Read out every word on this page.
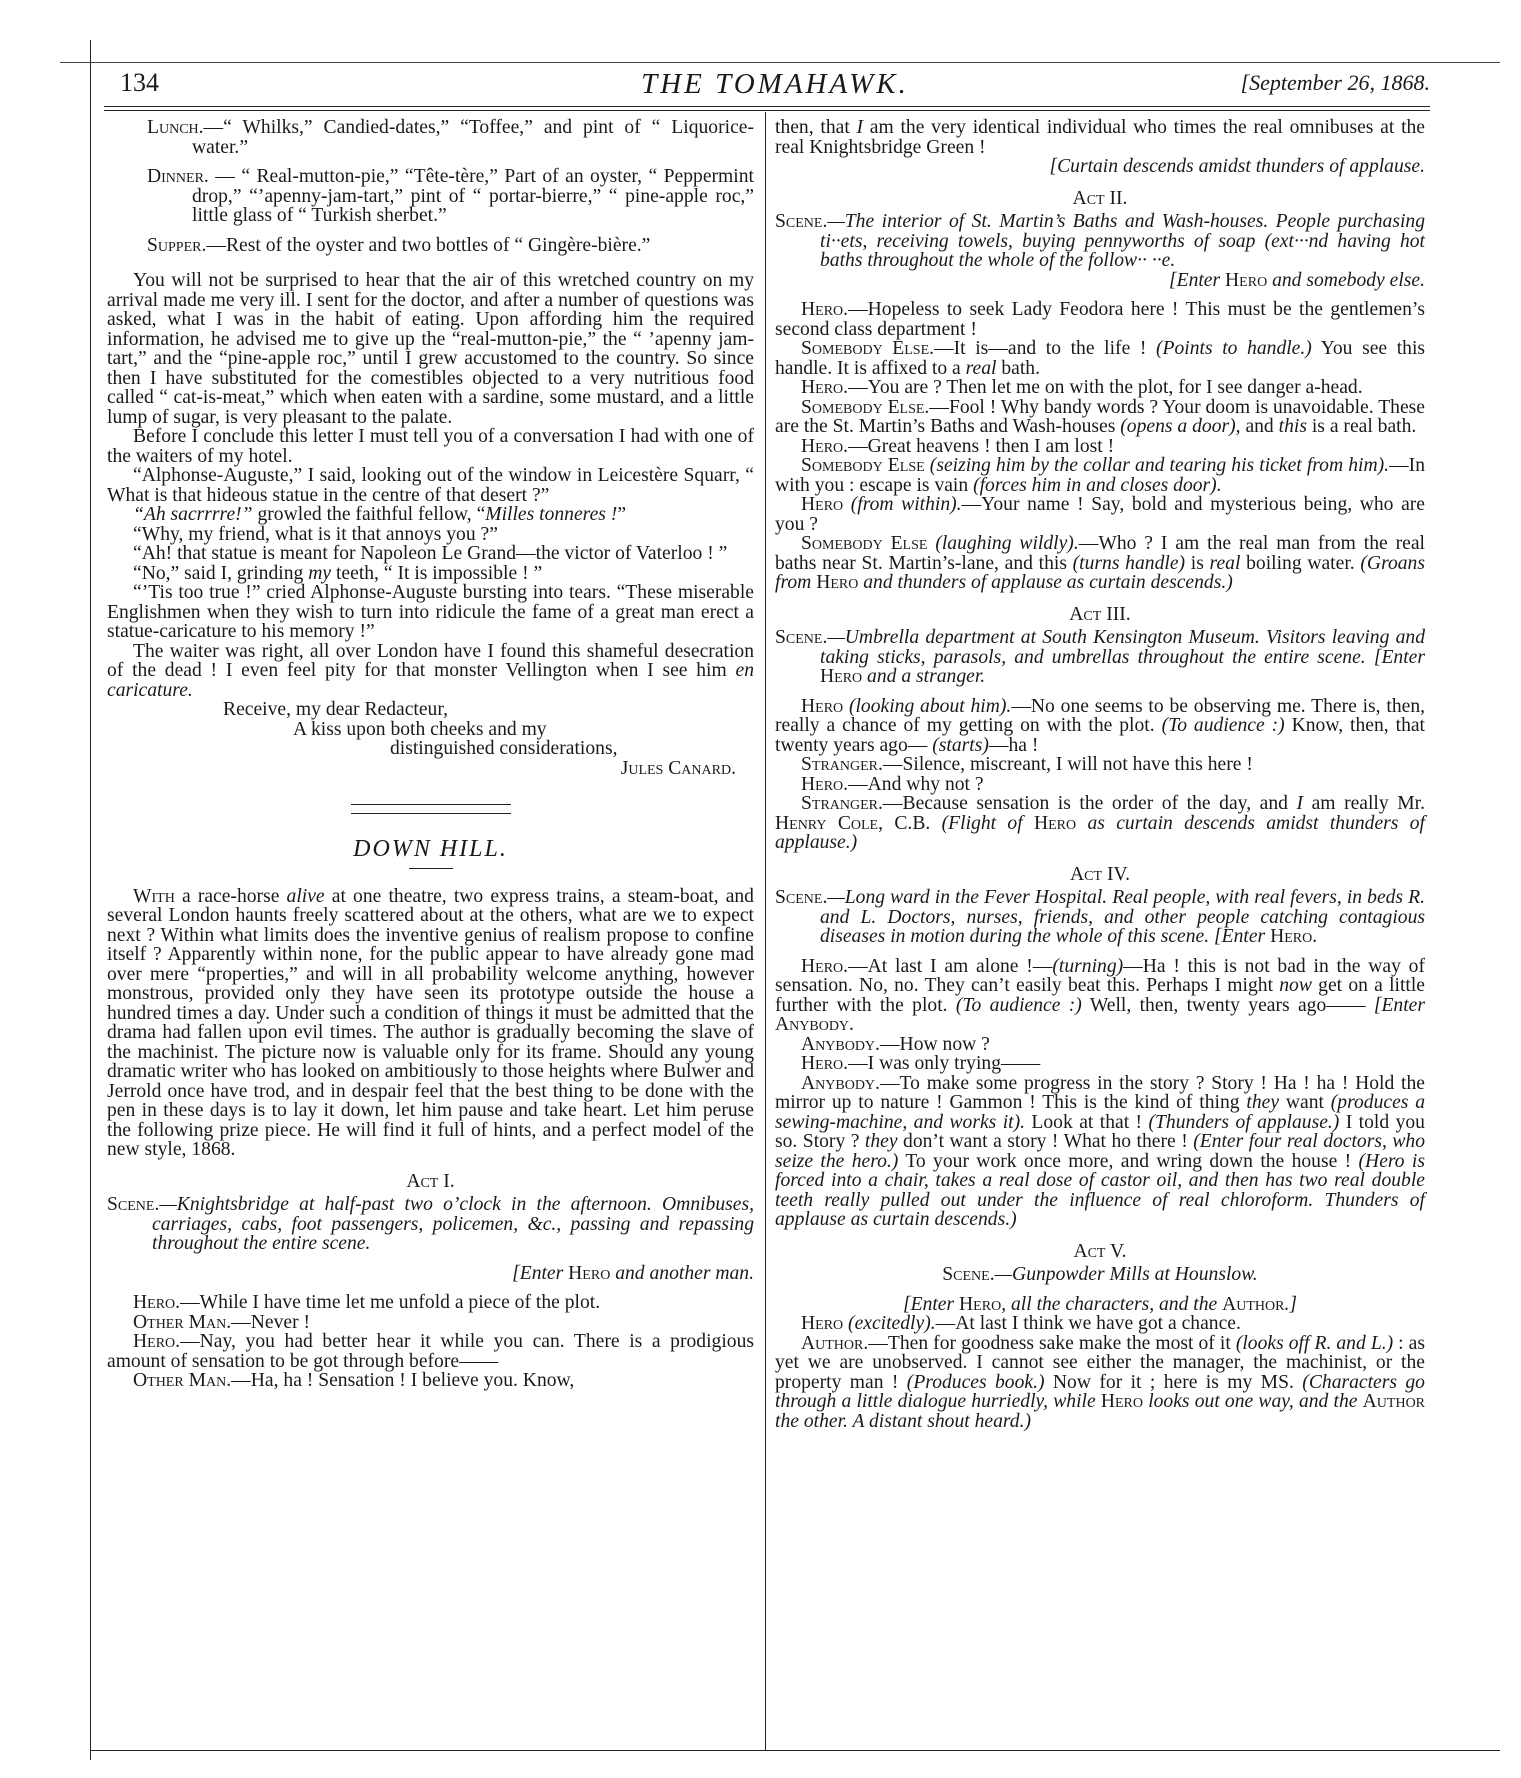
134	THE TOMAHAWK.	[September 26, 1868.

Lunch.—“ Whilks,” Candied-dates,” “Toffee,” and pint of “ Liquorice-water.”

Dinner. — “ Real-mutton-pie,” “Tête-tère,” Part of an oyster, “ Peppermint drop,” “’apenny-jam-tart,” pint of “ portar-bierre,” “ pine-apple roc,” little glass of “ Turkish sherbet.”

Supper.—Rest of the oyster and two bottles of “ Gingère-bière.”

You will not be surprised to hear that the air of this wretched country on my arrival made me very ill. I sent for the doctor, and after a number of questions was asked, what I was in the habit of eating. Upon affording him the required information, he advised me to give up the “real-mutton-pie,” the “ ’apenny jam-tart,” and the “pine-apple roc,” until I grew accustomed to the country. So since then I have substituted for the comestibles objected to a very nutritious food called “ cat-is-meat,” which when eaten with a sardine, some mustard, and a little lump of sugar, is very pleasant to the palate.

Before I conclude this letter I must tell you of a conversation I had with one of the waiters of my hotel.

“Alphonse-Auguste,” I said, looking out of the window in Leicestère Squarr, “ What is that hideous statue in the centre of that desert ?”

“Ah sacrrrre!” growled the faithful fellow, “Milles tonneres !”

“Why, my friend, what is it that annoys you ?”

“Ah! that statue is meant for Napoleon Le Grand—the victor of Vaterloo ! ”

“No,” said I, grinding my teeth, “ It is impossible ! ”

“’Tis too true !” cried Alphonse-Auguste bursting into tears. “These miserable Englishmen when they wish to turn into ridicule the fame of a great man erect a statue-caricature to his memory !”

The waiter was right, all over London have I found this shameful desecration of the dead ! I even feel pity for that monster Vellington when I see him en caricature.

Receive, my dear Redacteur,

A kiss upon both cheeks and my

distinguished considerations,

Jules Canard.

DOWN HILL.

With a race-horse alive at one theatre, two express trains, a steam-boat, and several London haunts freely scattered about at the others, what are we to expect next ? Within what limits does the inventive genius of realism propose to confine itself ? Apparently within none, for the public appear to have already gone mad over mere “properties,” and will in all probability welcome anything, however monstrous, provided only they have seen its prototype outside the house a hundred times a day. Under such a condition of things it must be admitted that the drama had fallen upon evil times. The author is gradually becoming the slave of the machinist. The picture now is valuable only for its frame. Should any young dramatic writer who has looked on ambitiously to those heights where Bulwer and Jerrold once have trod, and in despair feel that the best thing to be done with the pen in these days is to lay it down, let him pause and take heart. Let him peruse the following prize piece. He will find it full of hints, and a perfect model of the new style, 1868.

Act I.

Scene.—Knightsbridge at half-past two o’clock in the afternoon. Omnibuses, carriages, cabs, foot passengers, policemen, &c., passing and repassing throughout the entire scene.

[Enter Hero and another man.

Hero.—While I have time let me unfold a piece of the plot.

Other Man.—Never !

Hero.—Nay, you had better hear it while you can. There is a prodigious amount of sensation to be got through before——

Other Man.—Ha, ha ! Sensation ! I believe you. Know,

then, that I am the very identical individual who times the real omnibuses at the real Knightsbridge Green !

[Curtain descends amidst thunders of applause.

Act II.

Scene.—The interior of St. Martin’s Baths and Wash-houses. People purchasing ti··ets, receiving towels, buying pennyworths of soap (ext···nd having hot baths throughout the whole of the follow·· ··e.

[Enter Hero and somebody else.

Hero.—Hopeless to seek Lady Feodora here ! This must be the gentlemen’s second class department !

Somebody Else.—It is—and to the life ! (Points to handle.) You see this handle. It is affixed to a real bath.

Hero.—You are ? Then let me on with the plot, for I see danger a-head.

Somebody Else.—Fool ! Why bandy words ? Your doom is unavoidable. These are the St. Martin’s Baths and Wash-houses (opens a door), and this is a real bath.

Hero.—Great heavens ! then I am lost !

Somebody Else (seizing him by the collar and tearing his ticket from him).—In with you : escape is vain (forces him in and closes door).

Hero (from within).—Your name ! Say, bold and mysterious being, who are you ?

Somebody Else (laughing wildly).—Who ? I am the real man from the real baths near St. Martin’s-lane, and this (turns handle) is real boiling water. (Groans from Hero and thunders of applause as curtain descends.)

Act III.

Scene.—Umbrella department at South Kensington Museum. Visitors leaving and taking sticks, parasols, and umbrellas throughout the entire scene. [Enter Hero and a stranger.

Hero (looking about him).—No one seems to be observing me. There is, then, really a chance of my getting on with the plot. (To audience :) Know, then, that twenty years ago— (starts)—ha !

Stranger.—Silence, miscreant, I will not have this here !

Hero.—And why not ?

Stranger.—Because sensation is the order of the day, and I am really Mr. Henry Cole, C.B. (Flight of Hero as curtain descends amidst thunders of applause.)

Act IV.

Scene.—Long ward in the Fever Hospital. Real people, with real fevers, in beds R. and L. Doctors, nurses, friends, and other people catching contagious diseases in motion during the whole of this scene. [Enter Hero.

Hero.—At last I am alone !—(turning)—Ha ! this is not bad in the way of sensation. No, no. They can’t easily beat this. Perhaps I might now get on a little further with the plot. (To audience :) Well, then, twenty years ago—— [Enter Anybody.

Anybody.—How now ?

Hero.—I was only trying——

Anybody.—To make some progress in the story ? Story ! Ha ! ha ! Hold the mirror up to nature ! Gammon ! This is the kind of thing they want (produces a sewing-machine, and works it). Look at that ! (Thunders of applause.) I told you so. Story ? they don’t want a story ! What ho there ! (Enter four real doctors, who seize the hero.) To your work once more, and wring down the house ! (Hero is forced into a chair, takes a real dose of castor oil, and then has two real double teeth really pulled out under the influence of real chloroform. Thunders of applause as curtain descends.)

Act V.

Scene.—Gunpowder Mills at Hounslow.

[Enter Hero, all the characters, and the Author.]

Hero (excitedly).—At last I think we have got a chance.

Author.—Then for goodness sake make the most of it (looks off R. and L.) : as yet we are unobserved. I cannot see either the manager, the machinist, or the property man ! (Produces book.) Now for it ; here is my MS. (Characters go through a little dialogue hurriedly, while Hero looks out one way, and the Author the other. A distant shout heard.)
